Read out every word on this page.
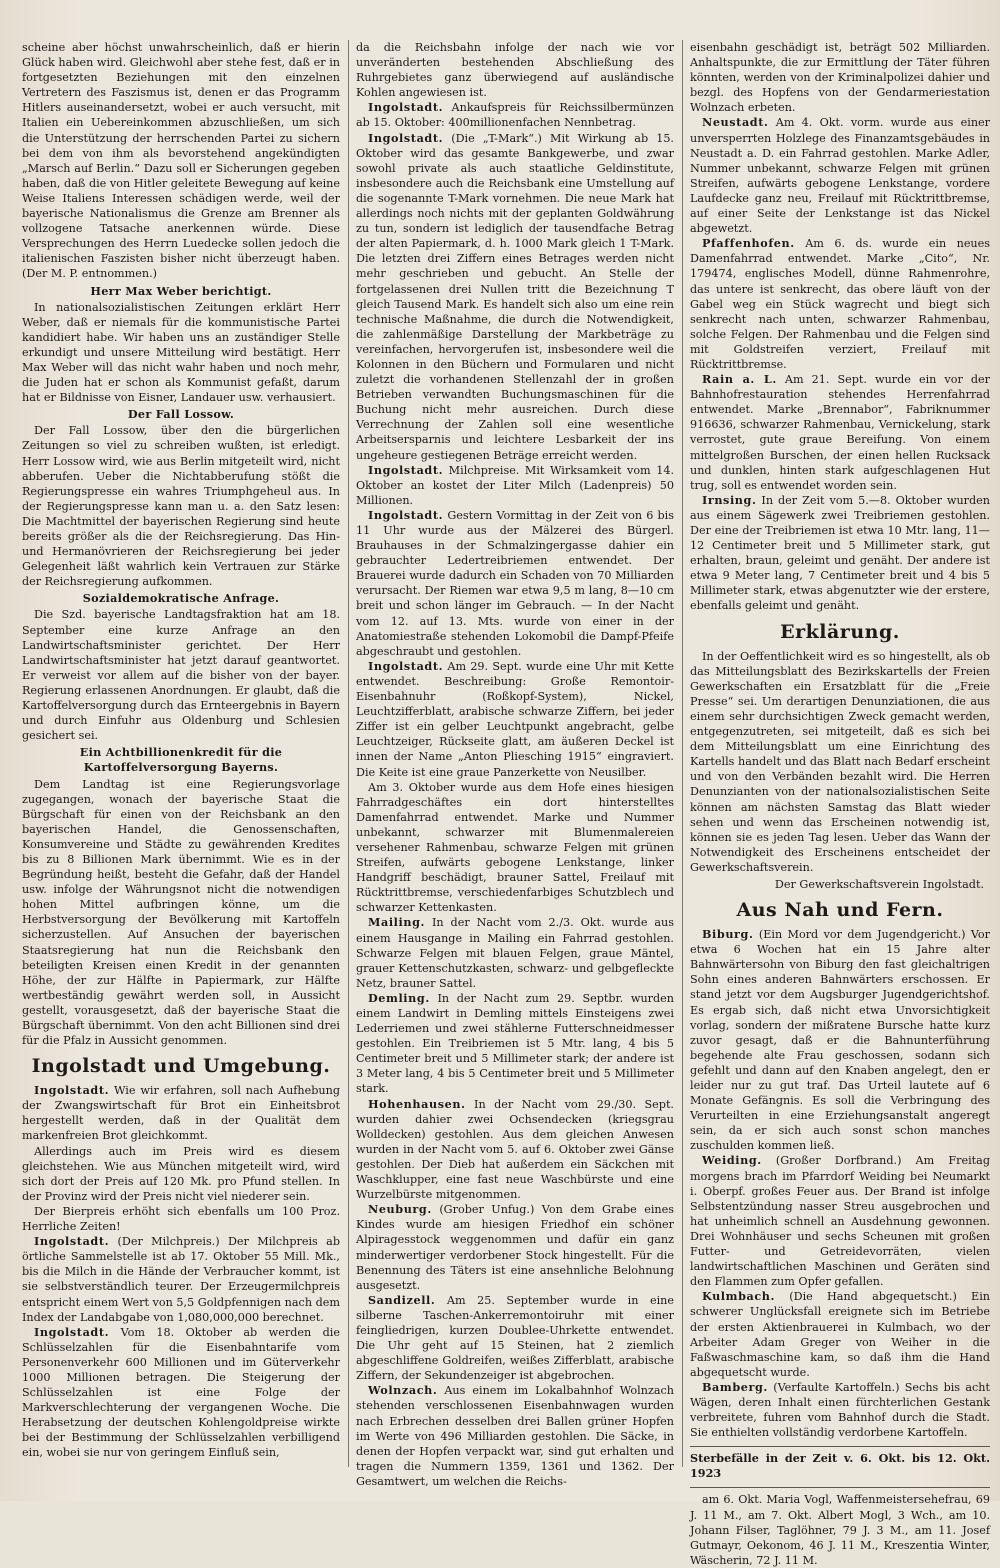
scheine aber höchst unwahrscheinlich, daß er hierin Glück haben wird. Gleichwohl aber stehe fest, daß er in fortgesetzten Beziehungen mit den einzelnen Vertretern des Faszismus ist, denen er das Programm Hitlers auseinandersetzt, wobei er auch versucht, mit Italien ein Uebereinkommen abzuschließen, um sich die Unterstützung der herrschenden Partei zu sichern bei dem von ihm als bevorstehend angekündigten „Marsch auf Berlin.“ Dazu soll er Sicherungen gegeben haben, daß die von Hitler geleitete Bewegung auf keine Weise Italiens Interessen schädigen werde, weil der bayerische Nationalismus die Grenze am Brenner als vollzogene Tatsache anerkennen würde. Diese Versprechungen des Herrn Luedecke sollen jedoch die italienischen Faszisten bisher nicht überzeugt haben. (Der M. P. entnommen.)

Herr Max Weber berichtigt.

In nationalsozialistischen Zeitungen erklärt Herr Weber, daß er niemals für die kommunistische Partei kandidiert habe. Wir haben uns an zuständiger Stelle erkundigt und unsere Mitteilung wird bestätigt. Herr Max Weber will das nicht wahr haben und noch mehr, die Juden hat er schon als Kommunist gefaßt, darum hat er Bildnisse von Eisner, Landauer usw. verhausiert.

Der Fall Lossow.

Der Fall Lossow, über den die bürgerlichen Zeitungen so viel zu schreiben wußten, ist erledigt. Herr Lossow wird, wie aus Berlin mitgeteilt wird, nicht abberufen. Ueber die Nichtabberufung stößt die Regierungspresse ein wahres Triumphgeheul aus. In der Regierungspresse kann man u. a. den Satz lesen: Die Machtmittel der bayerischen Regierung sind heute bereits größer als die der Reichsregierung. Das Hin- und Hermanövrieren der Reichsregierung bei jeder Gelegenheit läßt wahrlich kein Vertrauen zur Stärke der Reichsregierung aufkommen.

Sozialdemokratische Anfrage.

Die Szd. bayerische Landtagsfraktion hat am 18. September eine kurze Anfrage an den Landwirtschaftsminister gerichtet. Der Herr Landwirtschaftsminister hat jetzt darauf geantwortet. Er verweist vor allem auf die bisher von der bayer. Regierung erlassenen Anordnungen. Er glaubt, daß die Kartoffelversorgung durch das Ernteergebnis in Bayern und durch Einfuhr aus Oldenburg und Schlesien gesichert sei.

Ein Achtbillionenkredit für die Kartoffelversorgung Bayerns.

Dem Landtag ist eine Regierungsvorlage zugegangen, wonach der bayerische Staat die Bürgschaft für einen von der Reichsbank an den bayerischen Handel, die Genossenschaften, Konsumvereine und Städte zu gewährenden Kredites bis zu 8 Billionen Mark übernimmt. Wie es in der Begründung heißt, besteht die Gefahr, daß der Handel usw. infolge der Währungsnot nicht die notwendigen hohen Mittel aufbringen könne, um die Herbstversorgung der Bevölkerung mit Kartoffeln sicherzustellen. Auf Ansuchen der bayerischen Staatsregierung hat nun die Reichsbank den beteiligten Kreisen einen Kredit in der genannten Höhe, der zur Hälfte in Papiermark, zur Hälfte wertbeständig gewährt werden soll, in Aussicht gestellt, vorausgesetzt, daß der bayerische Staat die Bürgschaft übernimmt. Von den acht Billionen sind drei für die Pfalz in Aussicht genommen.

Ingolstadt und Umgebung.

Ingolstadt. Wie wir erfahren, soll nach Aufhebung der Zwangswirtschaft für Brot ein Einheitsbrot hergestellt werden, daß in der Qualität dem markenfreien Brot gleichkommt.

Allerdings auch im Preis wird es diesem gleichstehen. Wie aus München mitgeteilt wird, wird sich dort der Preis auf 120 Mk. pro Pfund stellen. In der Provinz wird der Preis nicht viel niederer sein.

Der Bierpreis erhöht sich ebenfalls um 100 Proz. Herrliche Zeiten!

Ingolstadt. (Der Milchpreis.) Der Milchpreis ab örtliche Sammelstelle ist ab 17. Oktober 55 Mill. Mk., bis die Milch in die Hände der Verbraucher kommt, ist sie selbstverständlich teurer. Der Erzeugermilchpreis entspricht einem Wert von 5,5 Goldpfennigen nach dem Index der Landabgabe von 1,080,000,000 berechnet.

Ingolstadt. Vom 18. Oktober ab werden die Schlüsselzahlen für die Eisenbahntarife vom Personenverkehr 600 Millionen und im Güterverkehr 1000 Millionen betragen. Die Steigerung der Schlüsselzahlen ist eine Folge der Markverschlechterung der vergangenen Woche. Die Herabsetzung der deutschen Kohlengoldpreise wirkte bei der Bestimmung der Schlüsselzahlen verbilligend ein, wobei sie nur von geringem Einfluß sein,

da die Reichsbahn infolge der nach wie vor unveränderten bestehenden Abschließung des Ruhrgebietes ganz überwiegend auf ausländische Kohlen angewiesen ist.

Ingolstadt. Ankaufspreis für Reichssilbermünzen ab 15. Oktober: 400millionenfachen Nennbetrag.

Ingolstadt. (Die „T-Mark“.) Mit Wirkung ab 15. Oktober wird das gesamte Bankgewerbe, und zwar sowohl private als auch staatliche Geldinstitute, insbesondere auch die Reichsbank eine Umstellung auf die sogenannte T-Mark vornehmen. Die neue Mark hat allerdings noch nichts mit der geplanten Goldwährung zu tun, sondern ist lediglich der tausendfache Betrag der alten Papiermark, d. h. 1000 Mark gleich 1 T-Mark. Die letzten drei Ziffern eines Betrages werden nicht mehr geschrieben und gebucht. An Stelle der fortgelassenen drei Nullen tritt die Bezeichnung T gleich Tausend Mark. Es handelt sich also um eine rein technische Maßnahme, die durch die Notwendigkeit, die zahlenmäßige Darstellung der Markbeträge zu vereinfachen, hervorgerufen ist, insbesondere weil die Kolonnen in den Büchern und Formularen und nicht zuletzt die vorhandenen Stellenzahl der in großen Betrieben verwandten Buchungsmaschinen für die Buchung nicht mehr ausreichen. Durch diese Verrechnung der Zahlen soll eine wesentliche Arbeitsersparnis und leichtere Lesbarkeit der ins ungeheure gestiegenen Beträge erreicht werden.

Ingolstadt. Milchpreise. Mit Wirksamkeit vom 14. Oktober an kostet der Liter Milch (Ladenpreis) 50 Millionen.

Ingolstadt. Gestern Vormittag in der Zeit von 6 bis 11 Uhr wurde aus der Mälzerei des Bürgerl. Brauhauses in der Schmalzingergasse dahier ein gebrauchter Ledertreibriemen entwendet. Der Brauerei wurde dadurch ein Schaden von 70 Milliarden verursacht. Der Riemen war etwa 9,5 m lang, 8—10 cm breit und schon länger im Gebrauch. — In der Nacht vom 12. auf 13. Mts. wurde von einer in der Anatomiestraße stehenden Lokomobil die Dampf-Pfeife abgeschraubt und gestohlen.

Ingolstadt. Am 29. Sept. wurde eine Uhr mit Kette entwendet. Beschreibung: Große Remontoir-Eisenbahnuhr (Roßkopf-System), Nickel, Leuchtzifferblatt, arabische schwarze Ziffern, bei jeder Ziffer ist ein gelber Leuchtpunkt angebracht, gelbe Leuchtzeiger, Rückseite glatt, am äußeren Deckel ist innen der Name „Anton Pliesching 1915“ eingraviert. Die Keite ist eine graue Panzerkette von Neusilber.

Am 3. Oktober wurde aus dem Hofe eines hiesigen Fahrradgeschäftes ein dort hinterstelltes Damenfahrrad entwendet. Marke und Nummer unbekannt, schwarzer mit Blumenmalereien versehener Rahmenbau, schwarze Felgen mit grünen Streifen, aufwärts gebogene Lenkstange, linker Handgriff beschädigt, brauner Sattel, Freilauf mit Rücktrittbremse, verschiedenfarbiges Schutzblech und schwarzer Kettenkasten.

Mailing. In der Nacht vom 2./3. Okt. wurde aus einem Hausgange in Mailing ein Fahrrad gestohlen. Schwarze Felgen mit blauen Felgen, graue Mäntel, grauer Kettenschutzkasten, schwarz- und gelbgefleckte Netz, brauner Sattel.

Demling. In der Nacht zum 29. Septbr. wurden einem Landwirt in Demling mittels Einsteigens zwei Lederriemen und zwei stählerne Futterschneidmesser gestohlen. Ein Treibriemen ist 5 Mtr. lang, 4 bis 5 Centimeter breit und 5 Millimeter stark; der andere ist 3 Meter lang, 4 bis 5 Centimeter breit und 5 Millimeter stark.

Hohenhausen. In der Nacht vom 29./30. Sept. wurden dahier zwei Ochsendecken (kriegsgrau Wolldecken) gestohlen. Aus dem gleichen Anwesen wurden in der Nacht vom 5. auf 6. Oktober zwei Gänse gestohlen. Der Dieb hat außerdem ein Säckchen mit Waschklupper, eine fast neue Waschbürste und eine Wurzelbürste mitgenommen.

Neuburg. (Grober Unfug.) Von dem Grabe eines Kindes wurde am hiesigen Friedhof ein schöner Alpiragesstock weggenommen und dafür ein ganz minderwertiger verdorbener Stock hingestellt. Für die Benennung des Täters ist eine ansehnliche Belohnung ausgesetzt.

Sandizell. Am 25. September wurde in eine silberne Taschen-Ankerremontoiruhr mit einer feingliedrigen, kurzen Doublee-Uhrkette entwendet. Die Uhr geht auf 15 Steinen, hat 2 ziemlich abgeschliffene Goldreifen, weißes Zifferblatt, arabische Ziffern, der Sekundenzeiger ist abgebrochen.

Wolnzach. Aus einem im Lokalbahnhof Wolnzach stehenden verschlossenen Eisenbahnwagen wurden nach Erbrechen desselben drei Ballen grüner Hopfen im Werte von 496 Milliarden gestohlen. Die Säcke, in denen der Hopfen verpackt war, sind gut erhalten und tragen die Nummern 1359, 1361 und 1362. Der Gesamtwert, um welchen die Reichs-

eisenbahn geschädigt ist, beträgt 502 Milliarden. Anhaltspunkte, die zur Ermittlung der Täter führen könnten, werden von der Kriminalpolizei dahier und bezgl. des Hopfens von der Gendarmeriestation Wolnzach erbeten.

Neustadt. Am 4. Okt. vorm. wurde aus einer unversperrten Holzlege des Finanzamtsgebäudes in Neustadt a. D. ein Fahrrad gestohlen. Marke Adler, Nummer unbekannt, schwarze Felgen mit grünen Streifen, aufwärts gebogene Lenkstange, vordere Laufdecke ganz neu, Freilauf mit Rücktrittbremse, auf einer Seite der Lenkstange ist das Nickel abgewetzt.

Pfaffenhofen. Am 6. ds. wurde ein neues Damenfahrrad entwendet. Marke „Cito“, Nr. 179474, englisches Modell, dünne Rahmenrohre, das untere ist senkrecht, das obere läuft von der Gabel weg ein Stück wagrecht und biegt sich senkrecht nach unten, schwarzer Rahmenbau, solche Felgen. Der Rahmenbau und die Felgen sind mit Goldstreifen verziert, Freilauf mit Rücktrittbremse.

Rain a. L. Am 21. Sept. wurde ein vor der Bahnhofrestauration stehendes Herrenfahrrad entwendet. Marke „Brennabor“, Fabriknummer 916636, schwarzer Rahmenbau, Vernickelung, stark verrostet, gute graue Bereifung. Von einem mittelgroßen Burschen, der einen hellen Rucksack und dunklen, hinten stark aufgeschlagenen Hut trug, soll es entwendet worden sein.

Irnsing. In der Zeit vom 5.—8. Oktober wurden aus einem Sägewerk zwei Treibriemen gestohlen. Der eine der Treibriemen ist etwa 10 Mtr. lang, 11—12 Centimeter breit und 5 Millimeter stark, gut erhalten, braun, geleimt und genäht. Der andere ist etwa 9 Meter lang, 7 Centimeter breit und 4 bis 5 Millimeter stark, etwas abgenutzter wie der erstere, ebenfalls geleimt und genäht.

Erklärung.

In der Oeffentlichkeit wird es so hingestellt, als ob das Mitteilungsblatt des Bezirkskartells der Freien Gewerkschaften ein Ersatzblatt für die „Freie Presse“ sei. Um derartigen Denunziationen, die aus einem sehr durchsichtigen Zweck gemacht werden, entgegenzutreten, sei mitgeteilt, daß es sich bei dem Mitteilungsblatt um eine Einrichtung des Kartells handelt und das Blatt nach Bedarf erscheint und von den Verbänden bezahlt wird. Die Herren Denunzianten von der nationalsozialistischen Seite können am nächsten Samstag das Blatt wieder sehen und wenn das Erscheinen notwendig ist, können sie es jeden Tag lesen. Ueber das Wann der Notwendigkeit des Erscheinens entscheidet der Gewerkschaftsverein.

Der Gewerkschaftsverein Ingolstadt.

Aus Nah und Fern.

Biburg. (Ein Mord vor dem Jugendgericht.) Vor etwa 6 Wochen hat ein 15 Jahre alter Bahnwärtersohn von Biburg den fast gleichaltrigen Sohn eines anderen Bahnwärters erschossen. Er stand jetzt vor dem Augsburger Jugendgerichtshof. Es ergab sich, daß nicht etwa Unvorsichtigkeit vorlag, sondern der mißratene Bursche hatte kurz zuvor gesagt, daß er die Bahnunterführung begehende alte Frau geschossen, sodann sich gefehlt und dann auf den Knaben angelegt, den er leider nur zu gut traf. Das Urteil lautete auf 6 Monate Gefängnis. Es soll die Verbringung des Verurteilten in eine Erziehungsanstalt angeregt sein, da er sich auch sonst schon manches zuschulden kommen ließ.

Weiding. (Großer Dorfbrand.) Am Freitag morgens brach im Pfarrdorf Weiding bei Neumarkt i. Oberpf. großes Feuer aus. Der Brand ist infolge Selbstentzündung nasser Streu ausgebrochen und hat unheimlich schnell an Ausdehnung gewonnen. Drei Wohnhäuser und sechs Scheunen mit großen Futter- und Getreidevorräten, vielen landwirtschaftlichen Maschinen und Geräten sind den Flammen zum Opfer gefallen.

Kulmbach. (Die Hand abgequetscht.) Ein schwerer Unglücksfall ereignete sich im Betriebe der ersten Aktienbrauerei in Kulmbach, wo der Arbeiter Adam Greger von Weiher in die Faßwaschmaschine kam, so daß ihm die Hand abgequetscht wurde.

Bamberg. (Verfaulte Kartoffeln.) Sechs bis acht Wägen, deren Inhalt einen fürchterlichen Gestank verbreitete, fuhren vom Bahnhof durch die Stadt. Sie enthielten vollständig verdorbene Kartoffeln.

Sterbefälle in der Zeit v. 6. Okt. bis 12. Okt. 1923

am 6. Okt. Maria Vogl, Waffenmeistersehefrau, 69 J. 11 M., am 7. Okt. Albert Mogl, 3 Wch., am 10. Johann Filser, Taglöhner, 79 J. 3 M., am 11. Josef Gutmayr, Oekonom, 46 J. 11 M., Kreszentia Winter, Wäscherin, 72 J. 11 M.
